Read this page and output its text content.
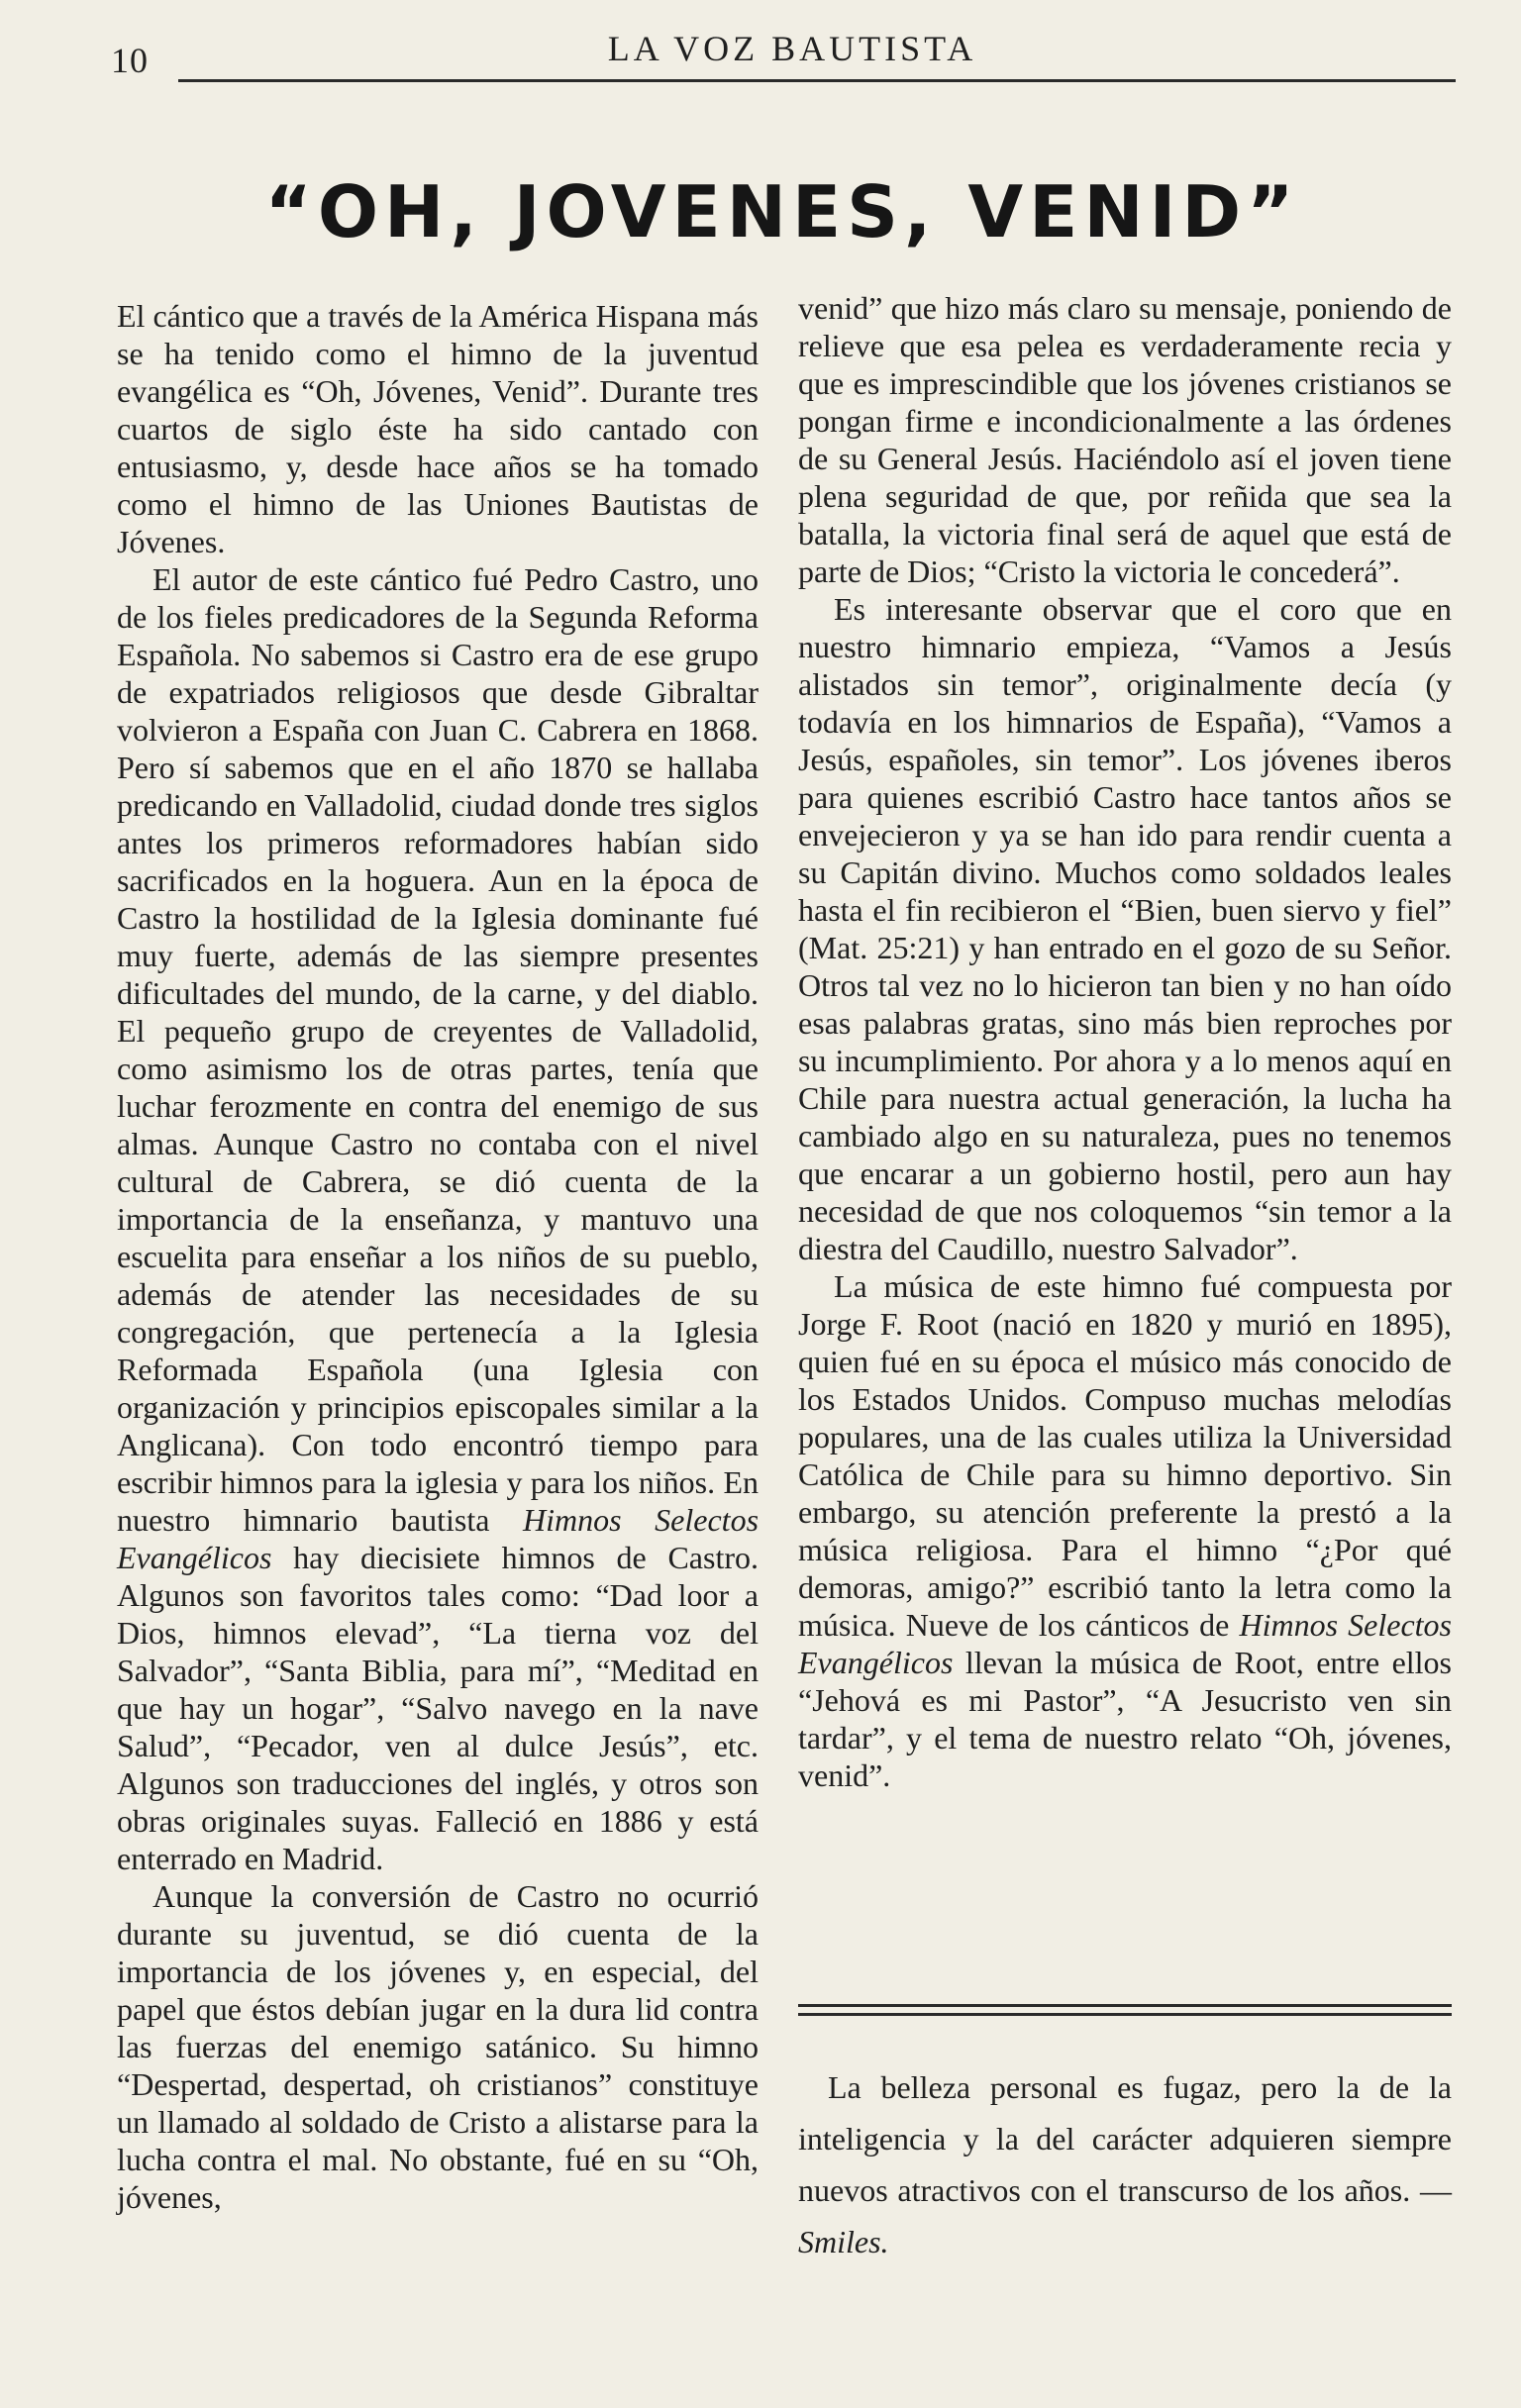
10	LA VOZ BAUTISTA
“OH, JOVENES, VENID”

El cántico que a través de la América Hispana más se ha tenido como el himno de la juventud evangélica es “Oh, Jóvenes, Venid”. Durante tres cuartos de siglo éste ha sido cantado con entusiasmo, y, desde hace años se ha tomado como el himno de las Uniones Bautistas de Jóvenes.

El autor de este cántico fué Pedro Castro, uno de los fieles predicadores de la Segunda Reforma Española. No sabemos si Castro era de ese grupo de expatriados religiosos que desde Gibraltar volvieron a España con Juan C. Cabrera en 1868. Pero sí sabemos que en el año 1870 se hallaba predicando en Valladolid, ciudad donde tres siglos antes los primeros reformadores habían sido sacrificados en la hoguera. Aun en la época de Castro la hostilidad de la Iglesia dominante fué muy fuerte, además de las siempre presentes dificultades del mundo, de la carne, y del diablo. El pequeño grupo de creyentes de Valladolid, como asimismo los de otras partes, tenía que luchar ferozmente en contra del enemigo de sus almas. Aunque Castro no contaba con el nivel cultural de Cabrera, se dió cuenta de la importancia de la enseñanza, y mantuvo una escuelita para enseñar a los niños de su pueblo, además de atender las necesidades de su congregación, que pertenecía a la Iglesia Reformada Española (una Iglesia con organización y principios episcopales similar a la Anglicana). Con todo encontró tiempo para escribir himnos para la iglesia y para los niños. En nuestro himnario bautista Himnos Selectos Evangélicos hay diecisiete himnos de Castro. Algunos son favoritos tales como: “Dad loor a Dios, himnos elevad”, “La tierna voz del Salvador”, “Santa Biblia, para mí”, “Meditad en que hay un hogar”, “Salvo navego en la nave Salud”, “Pecador, ven al dulce Jesús”, etc. Algunos son traducciones del inglés, y otros son obras originales suyas. Falleció en 1886 y está enterrado en Madrid.

Aunque la conversión de Castro no ocurrió durante su juventud, se dió cuenta de la importancia de los jóvenes y, en especial, del papel que éstos debían jugar en la dura lid contra las fuerzas del enemigo satánico. Su himno “Despertad, despertad, oh cristianos” constituye un llamado al soldado de Cristo a alistarse para la lucha contra el mal. No obstante, fué en su “Oh, jóvenes,

venid” que hizo más claro su mensaje, poniendo de relieve que esa pelea es verdaderamente recia y que es imprescindible que los jóvenes cristianos se pongan firme e incondicionalmente a las órdenes de su General Jesús. Haciéndolo así el joven tiene plena seguridad de que, por reñida que sea la batalla, la victoria final será de aquel que está de parte de Dios; “Cristo la victoria le concederá”.

Es interesante observar que el coro que en nuestro himnario empieza, “Vamos a Jesús alistados sin temor”, originalmente decía (y todavía en los himnarios de España), “Vamos a Jesús, españoles, sin temor”. Los jóvenes iberos para quienes escribió Castro hace tantos años se envejecieron y ya se han ido para rendir cuenta a su Capitán divino. Muchos como soldados leales hasta el fin recibieron el “Bien, buen siervo y fiel” (Mat. 25:21) y han entrado en el gozo de su Señor. Otros tal vez no lo hicieron tan bien y no han oído esas palabras gratas, sino más bien reproches por su incumplimiento. Por ahora y a lo menos aquí en Chile para nuestra actual generación, la lucha ha cambiado algo en su naturaleza, pues no tenemos que encarar a un gobierno hostil, pero aun hay necesidad de que nos coloquemos “sin temor a la diestra del Caudillo, nuestro Salvador”.

La música de este himno fué compuesta por Jorge F. Root (nació en 1820 y murió en 1895), quien fué en su época el músico más conocido de los Estados Unidos. Compuso muchas melodías populares, una de las cuales utiliza la Universidad Católica de Chile para su himno deportivo. Sin embargo, su atención preferente la prestó a la música religiosa. Para el himno “¿Por qué demoras, amigo?” escribió tanto la letra como la música. Nueve de los cánticos de Himnos Selectos Evangélicos llevan la música de Root, entre ellos “Jehová es mi Pastor”, “A Jesucristo ven sin tardar”, y el tema de nuestro relato “Oh, jóvenes, venid”.

La belleza personal es fugaz, pero la de la inteligencia y la del carácter adquieren siempre nuevos atractivos con el transcurso de los años. — Smiles.
